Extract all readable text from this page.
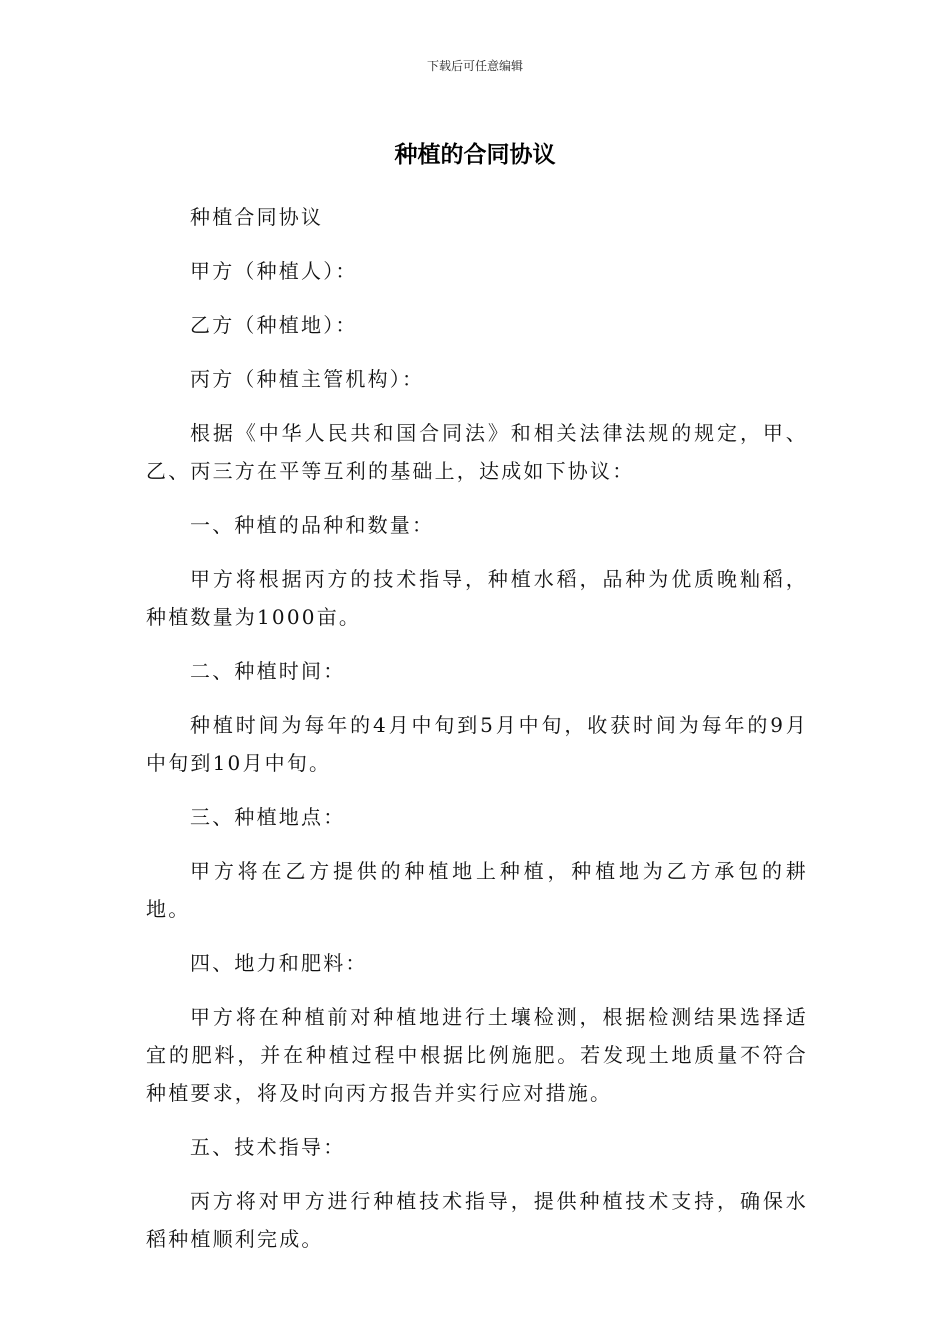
下载后可任意编辑
种植的合同协议

种植合同协议

甲方（种植人）：

乙方（种植地）：

丙方（种植主管机构）：

根据《中华人民共和国合同法》和相关法律法规的规定，甲、乙、丙三方在平等互利的基础上，达成如下协议：

一、种植的品种和数量：

甲方将根据丙方的技术指导，种植水稻，品种为优质晚籼稻，种植数量为1000亩。

二、种植时间：

种植时间为每年的4月中旬到5月中旬，收获时间为每年的9月中旬到10月中旬。

三、种植地点：

甲方将在乙方提供的种植地上种植，种植地为乙方承包的耕地。

四、地力和肥料：

甲方将在种植前对种植地进行土壤检测，根据检测结果选择适宜的肥料，并在种植过程中根据比例施肥。若发现土地质量不符合种植要求，将及时向丙方报告并实行应对措施。

五、技术指导：

丙方将对甲方进行种植技术指导，提供种植技术支持，确保水稻种植顺利完成。
